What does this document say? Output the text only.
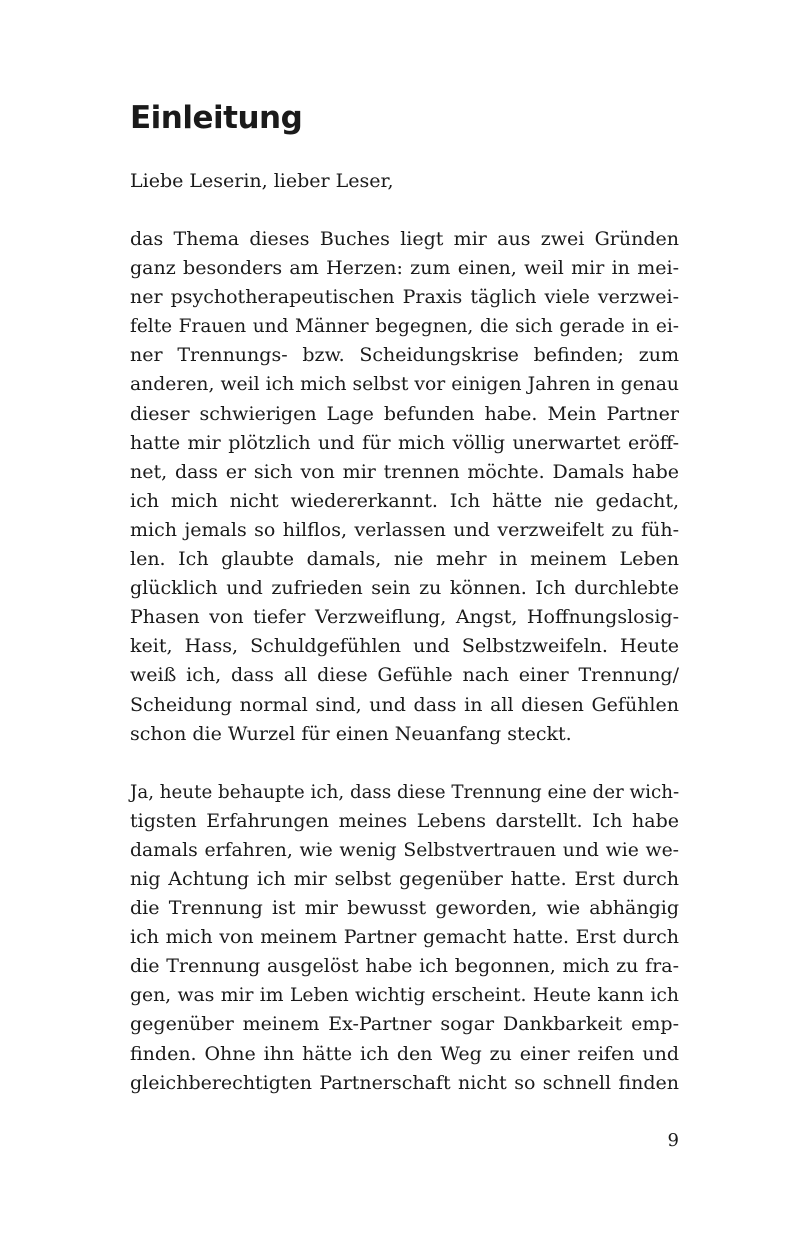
Einleitung

Liebe Leserin, lieber Leser,

das Thema dieses Buches liegt mir aus zwei Gründen
ganz besonders am Herzen: zum einen, weil mir in mei-
ner psychotherapeutischen Praxis täglich viele verzwei-
felte Frauen und Männer begegnen, die sich gerade in ei-
ner Trennungs- bzw. Scheidungskrise befinden; zum
anderen, weil ich mich selbst vor einigen Jahren in genau
dieser schwierigen Lage befunden habe. Mein Partner
hatte mir plötzlich und für mich völlig unerwartet eröff-
net, dass er sich von mir trennen möchte. Damals habe
ich mich nicht wiedererkannt. Ich hätte nie gedacht,
mich jemals so hilflos, verlassen und verzweifelt zu füh-
len. Ich glaubte damals, nie mehr in meinem Leben
glücklich und zufrieden sein zu können. Ich durchlebte
Phasen von tiefer Verzweiflung, Angst, Hoffnungslosig-
keit, Hass, Schuldgefühlen und Selbstzweifeln. Heute
weiß ich, dass all diese Gefühle nach einer Trennung/
Scheidung normal sind, und dass in all diesen Gefühlen
schon die Wurzel für einen Neuanfang steckt.

Ja, heute behaupte ich, dass diese Trennung eine der wich-
tigsten Erfahrungen meines Lebens darstellt. Ich habe
damals erfahren, wie wenig Selbstvertrauen und wie we-
nig Achtung ich mir selbst gegenüber hatte. Erst durch
die Trennung ist mir bewusst geworden, wie abhängig
ich mich von meinem Partner gemacht hatte. Erst durch
die Trennung ausgelöst habe ich begonnen, mich zu fra-
gen, was mir im Leben wichtig erscheint. Heute kann ich
gegenüber meinem Ex-Partner sogar Dankbarkeit emp-
finden. Ohne ihn hätte ich den Weg zu einer reifen und
gleichberechtigten Partnerschaft nicht so schnell finden

9
